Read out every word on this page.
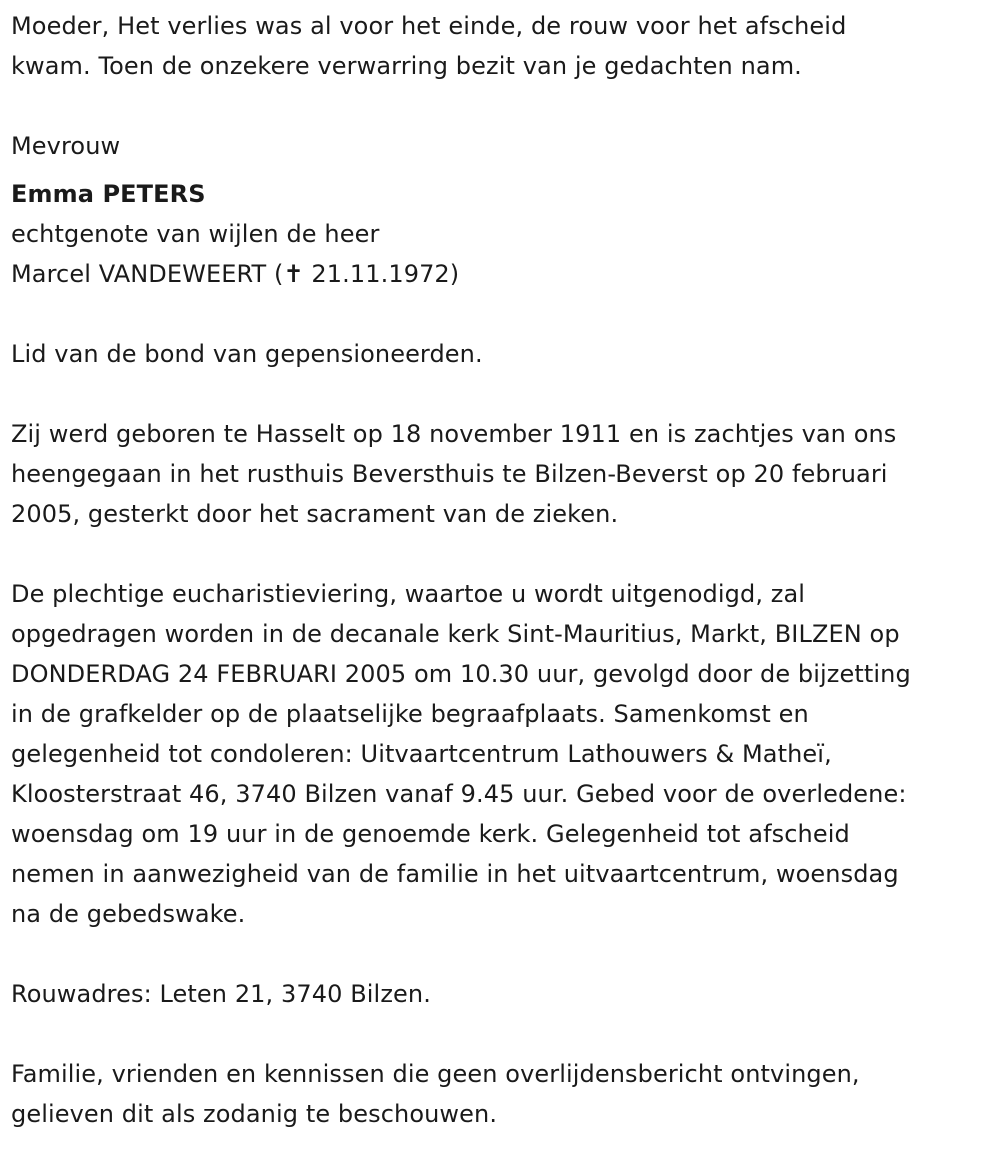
Moeder, Het verlies was al voor het einde, de rouw voor het afscheid
kwam. Toen de onzekere verwarring bezit van je gedachten nam.
Mevrouw
Emma PETERS
echtgenote van wijlen de heer
Marcel VANDEWEERT (✝ 21.11.1972)
Lid van de bond van gepensioneerden.
Zij werd geboren te Hasselt op 18 november 1911 en is zachtjes van ons
heengegaan in het rusthuis Beversthuis te Bilzen-Beverst op 20 februari
2005, gesterkt door het sacrament van de zieken.
De plechtige eucharistieviering, waartoe u wordt uitgenodigd, zal
opgedragen worden in de decanale kerk Sint-Mauritius, Markt, BILZEN op
DONDERDAG 24 FEBRUARI 2005 om 10.30 uur, gevolgd door de bijzetting
in de grafkelder op de plaatselijke begraafplaats. Samenkomst en
gelegenheid tot condoleren: Uitvaartcentrum Lathouwers & Matheï,
Kloosterstraat 46, 3740 Bilzen vanaf 9.45 uur. Gebed voor de overledene:
woensdag om 19 uur in de genoemde kerk. Gelegenheid tot afscheid
nemen in aanwezigheid van de familie in het uitvaartcentrum, woensdag
na de gebedswake.
Rouwadres: Leten 21, 3740 Bilzen.
Familie, vrienden en kennissen die geen overlijdensbericht ontvingen,
gelieven dit als zodanig te beschouwen.
